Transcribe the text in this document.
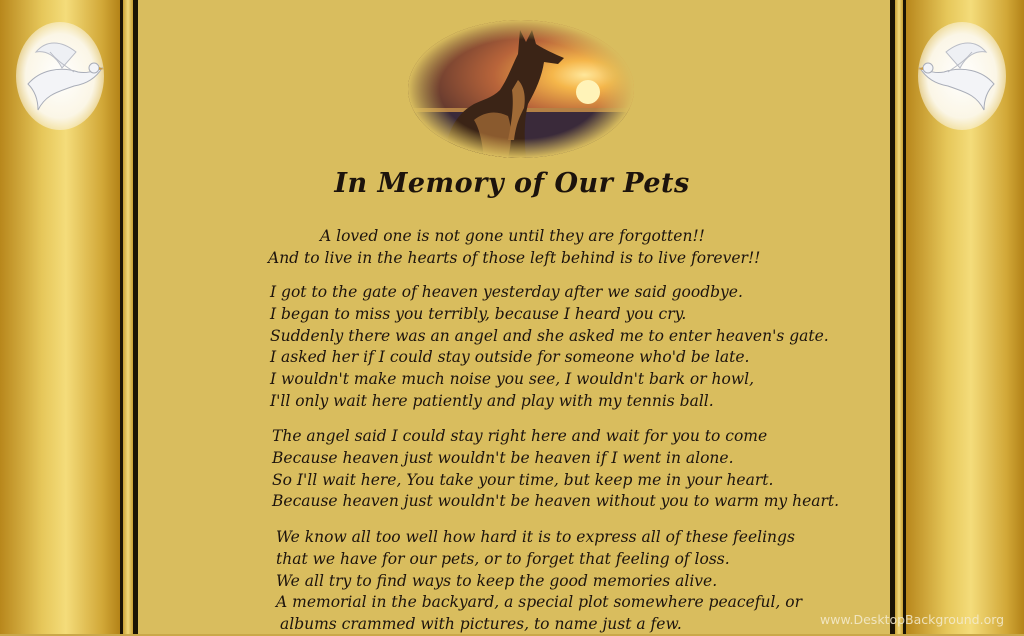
In Memory of Our Pets
A loved one is not gone until they are forgotten!!
And to live in the hearts of those left behind is to live forever!!
I got to the gate of heaven yesterday after we said goodbye.
I began to miss you terribly, because I heard you cry.
Suddenly there was an angel and she asked me to enter heaven's gate.
I asked her if I could stay outside for someone who'd be late.
I wouldn't make much noise you see, I wouldn't bark or howl,
I'll only wait here patiently and play with my tennis ball.
The angel said I could stay right here and wait for you to come
Because heaven just wouldn't be heaven if I went in alone.
So I'll wait here, You take your time, but keep me in your heart.
Because heaven just wouldn't be heaven without you to warm my heart.
We know all too well how hard it is to express all of these feelings
that we have for our pets, or to forget that feeling of loss.
We all try to find ways to keep the good memories alive.
A memorial in the backyard, a special plot somewhere peaceful, or
albums crammed with pictures, to name just a few.	www.DesktopBackground.org
